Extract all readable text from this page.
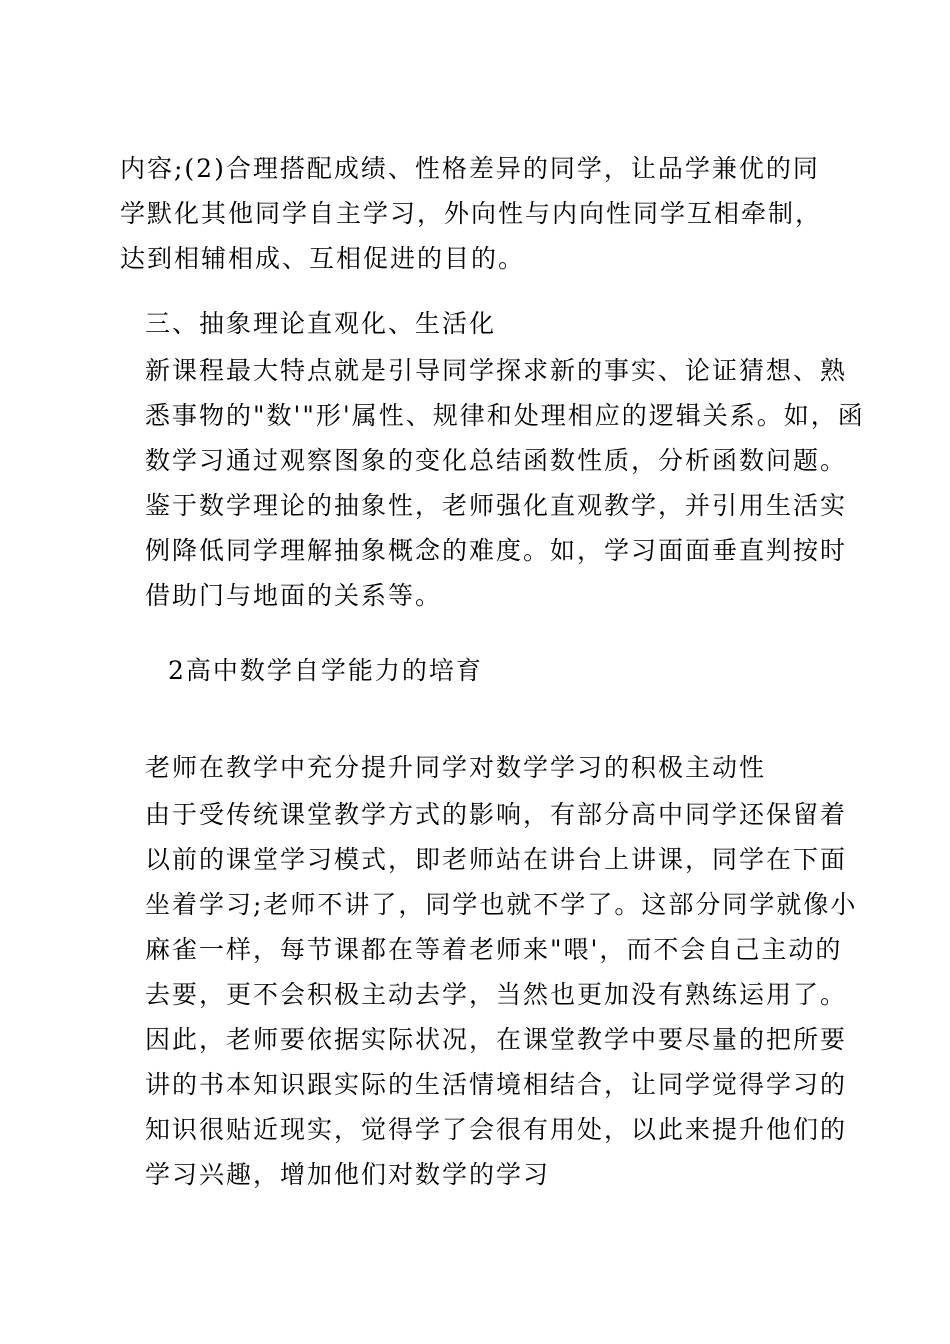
内容;(2)合理搭配成绩、性格差异的同学，让品学兼优的同学默化其他同学自主学习，外向性与内向性同学互相牵制，达到相辅相成、互相促进的目的。

三、抽象理论直观化、生活化

新课程最大特点就是引导同学探求新的事实、论证猜想、熟悉事物的"数'"形'属性、规律和处理相应的逻辑关系。如，函数学习通过观察图象的变化总结函数性质，分析函数问题。鉴于数学理论的抽象性，老师强化直观教学，并引用生活实例降低同学理解抽象概念的难度。如，学习面面垂直判按时借助门与地面的关系等。

2高中数学自学能力的培育

老师在教学中充分提升同学对数学学习的积极主动性

由于受传统课堂教学方式的影响，有部分高中同学还保留着以前的课堂学习模式，即老师站在讲台上讲课，同学在下面坐着学习;老师不讲了，同学也就不学了。这部分同学就像小麻雀一样，每节课都在等着老师来"喂'，而不会自己主动的去要，更不会积极主动去学，当然也更加没有熟练运用了。因此，老师要依据实际状况，在课堂教学中要尽量的把所要讲的书本知识跟实际的生活情境相结合，让同学觉得学习的知识很贴近现实，觉得学了会很有用处，以此来提升他们的学习兴趣，增加他们对数学的学习
